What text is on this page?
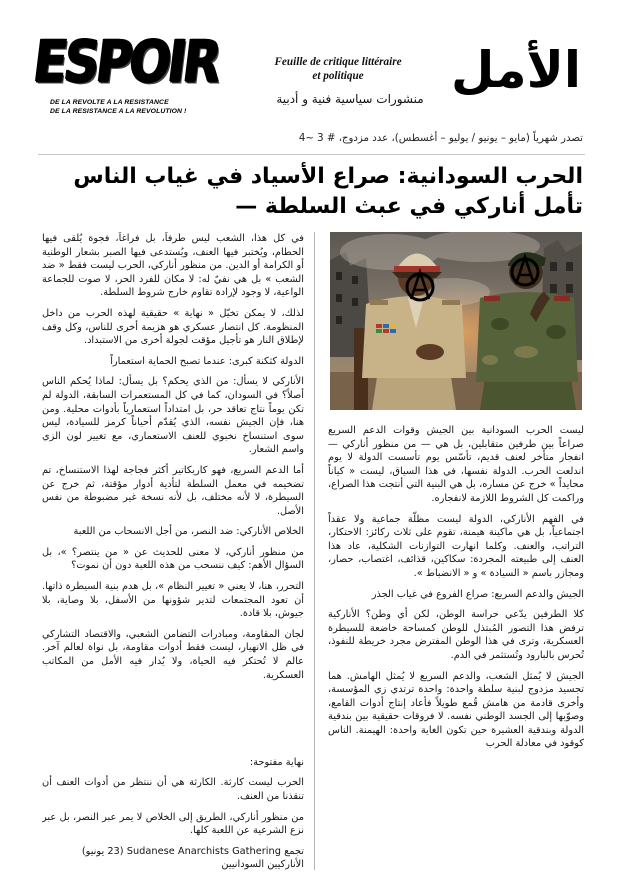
ESPOIR
DE LA REVOLTE A LA RESISTANCE
DE LA RESISTANCE A LA REVOLUTION !
Feuille de critique littéraire
et politique
منشورات سياسية فنية و أدبية الأمل
تصدر شهرياً (مايو – يونيو / يوليو – أغسطس)، عدد مزدوج، # 3 ~4
الحرب السودانية: صراع الأسياد في غياب الناس
— تأمل أناركي في عبث السلطة

ليست الحرب السودانية بين الجيش وقوات الدعم السريع صراعاً بين طرفين متقابلين، بل هي — من منظور أناركي — انفجار متأخر لعنف قديم، تأسّس يوم تأسست الدولة لا يوم اندلعت الحرب. الدولة نفسها، في هذا السياق، ليست « كياناً محايداً » خرج عن مساره، بل هي البنية التي أنتجت هذا الصراع، وراكمت كل الشروط اللازمة لانفجاره.

في الفهم الأناركي، الدولة ليست مظلّة جماعية ولا عقداً اجتماعياً، بل هي ماكينة هيمنة، تقوم على ثلاث ركائز: الاحتكار، التراتب، والعنف. وكلما انهارت التوازنات الشكلية، عاد هذا العنف إلى طبيعته المجردة: سكاكين، قذائف، اغتصاب، حصار، ومجازر باسم « السيادة » و « الانضباط ».

الجيش والدعم السريع: صراع الفروع في غياب الجذر

كلا الطرفين يدّعي حراسة الوطن، لكن أي وطن؟ الأناركية ترفض هذا التصور المُبتذل للوطن كمساحة خاضعة للسيطرة العسكرية، وترى في هذا الوطن المفترض مجرد خريطة للنفوذ، تُحرس بالبارود وتُستثمر في الدم.

الجيش لا يُمثل الشعب، والدعم السريع لا يُمثل الهامش. هما تجسيد مزدوج لبنية سلطة واحدة: واحدة ترتدي زي المؤسسة، وأخرى قادمة من هامش قُمع طويلاً فأعاد إنتاج أدوات القامع، وصوّبها إلى الجسد الوطني نفسه. لا فروقات حقيقية بين بندقية الدولة وبندقية العشيرة حين تكون الغاية واحدة: الهيمنة. الناس كوقود في معادلة الحرب

في كل هذا، الشعب ليس طرفاً، بل فراغاً، فجوة يُلقى فيها الحطام، ويُختبر فيها العنف، ويُستدعى فيها الصبر بشعار الوطنية أو الكرامة أو الدين. من منظور أناركي، الحرب ليست فقط « ضد الشعب » بل هي نفيٌ له: لا مكان للفرد الحر، لا صوت للجماعة الواعية، لا وجود لإرادة تقاوم خارج شروط السلطة.

لذلك، لا يمكن تخيّل « نهاية » حقيقية لهذه الحرب من داخل المنظومة. كل انتصار عسكري هو هزيمة أخرى للناس، وكل وقف لإطلاق النار هو تأجيل مؤقت لجولة أخرى من الاستبداد.

الدولة كثكنة كبرى: عندما تصبح الحماية استعماراً

الأناركي لا يسأل: من الذي يحكم؟ بل يسأل: لماذا يُحكم الناس أصلاً؟ في السودان، كما في كل المستعمرات السابقة، الدولة لم تكن يوماً نتاج تعاقد حر، بل امتداداً استعمارياً بأدوات محلية. ومن هنا، فإن الجيش نفسه، الذي يُقدّم أحياناً كرمز للسيادة، ليس سوى استنساخ نخبوي للعنف الاستعماري، مع تغيير لون الزي واسم الشعار.

أما الدعم السريع، فهو كاريكاتير أكثر فجاجة لهذا الاستنساخ، تم تضخيمه في معمل السلطة لتأدية أدوار مؤقتة، ثم خرج عن السيطرة، لا لأنه مختلف، بل لأنه نسخة غير مضبوطة من نفس الأصل.

الخلاص الأناركي: ضد النصر، من أجل الانسحاب من اللعبة

من منظور أناركي، لا معنى للحديث عن « من ينتصر؟ »، بل السؤال الأهم: كيف ننسحب من هذه اللعبة دون أن نموت؟

التحرر، هنا، لا يعني « تغيير النظام »، بل هدم بنية السيطرة ذاتها. أن تعود المجتمعات لتدير شؤونها من الأسفل، بلا وصاية، بلا جيوش، بلا قادة.

لجان المقاومة، ومبادرات التضامن الشعبي، والاقتصاد التشاركي في ظل الانهيار، ليست فقط أدوات مقاومة، بل نواة لعالم آخر. عالم لا تُحتكر فيه الحياة، ولا يُدار فيه الأمل من المكاتب العسكرية.

نهاية مفتوحة:

الحرب ليست كارثة. الكارثة هي أن ننتظر من أدوات العنف أن تنقذنا من العنف.

من منظور أناركي، الطريق إلى الخلاص لا يمر عبر النصر، بل عبر نزع الشرعية عن اللعبة كلها.

تجمع Sudanese Anarchists Gathering (23 يونيو)
الأناركيين السودانيين
